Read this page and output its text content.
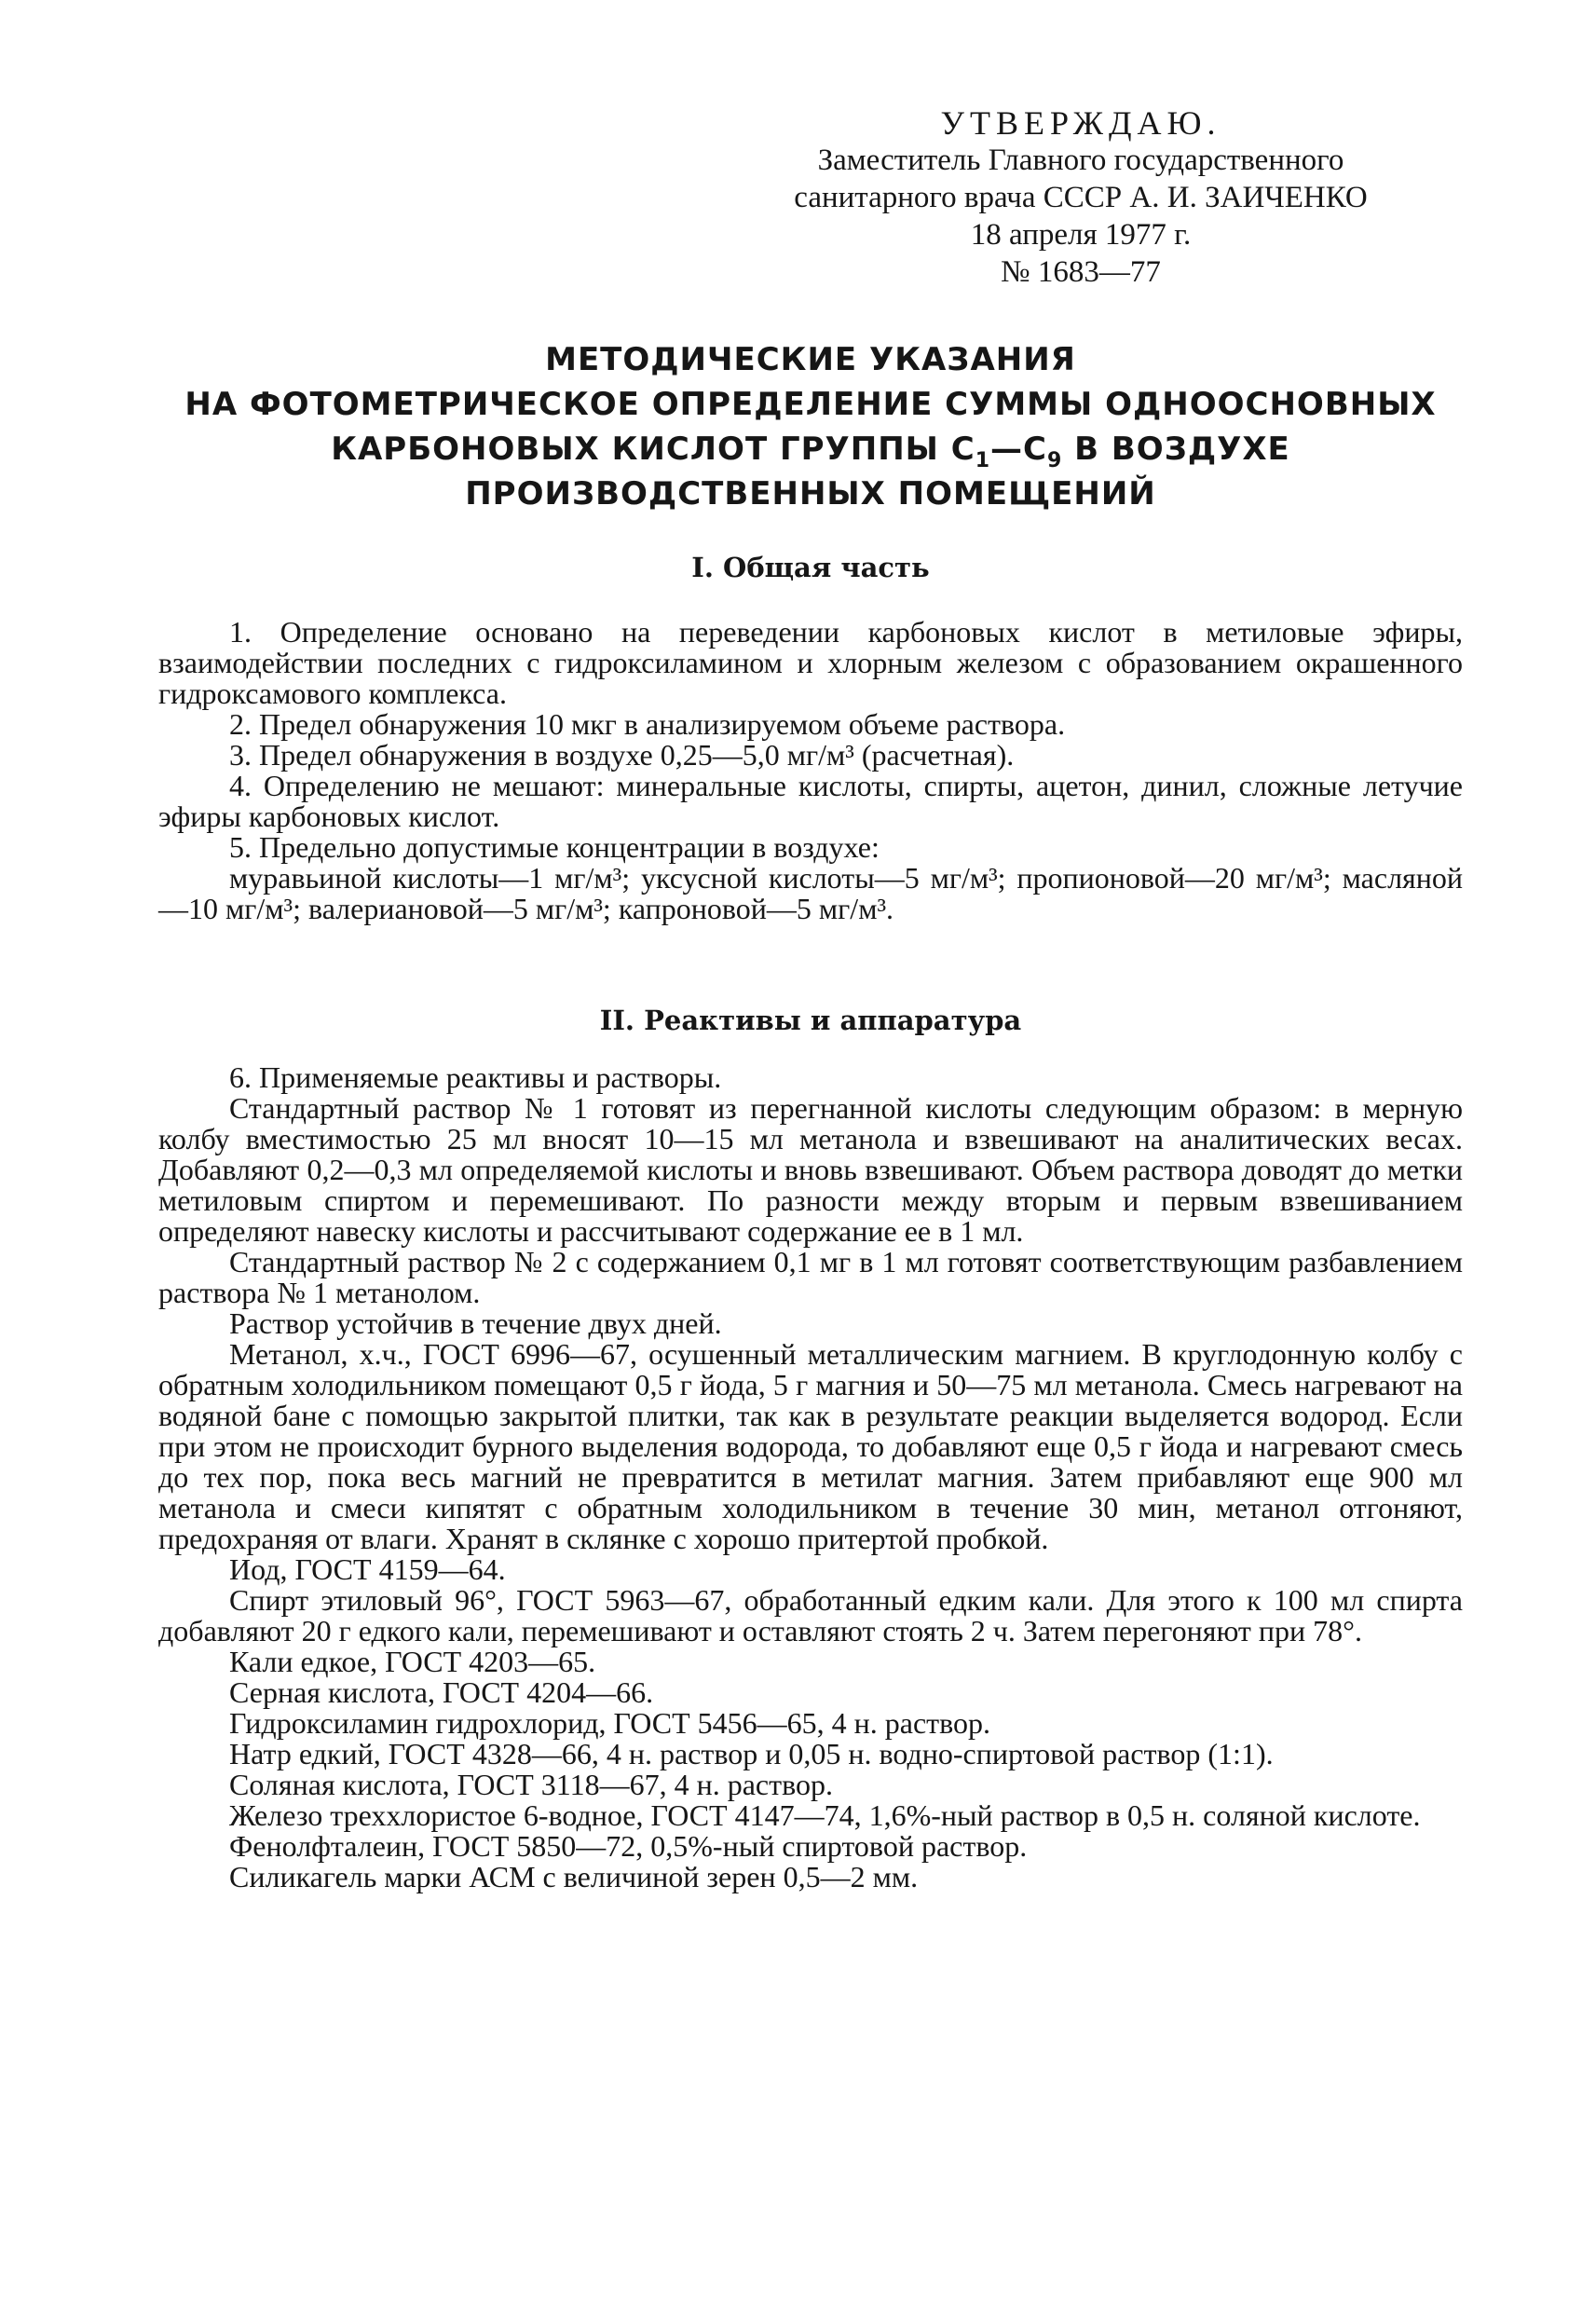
УТВЕРЖДАЮ.
Заместитель Главного государственного
санитарного врача СССР А. И. ЗАИЧЕНКО
18 апреля 1977 г.
№ 1683—77
МЕТОДИЧЕСКИЕ УКАЗАНИЯ
НА ФОТОМЕТРИЧЕСКОЕ ОПРЕДЕЛЕНИЕ СУММЫ ОДНООСНОВНЫХ
КАРБОНОВЫХ КИСЛОТ ГРУППЫ $C_1—C_9$ В ВОЗДУХЕ
ПРОИЗВОДСТВЕННЫХ ПОМЕЩЕНИЙ
I. Общая часть

1. Определение основано на переведении карбоновых кислот в метиловые эфиры, взаимодействии последних с гидроксиламином и хлорным железом с образованием окрашенного гидроксамового комплекса.

2. Предел обнаружения 10 мкг в анализируемом объеме раствора.

3. Предел обнаружения в воздухе 0,25—5,0 мг/м³ (расчетная).

4. Определению не мешают: минеральные кислоты, спирты, ацетон, динил, сложные летучие эфиры карбоновых кислот.

5. Предельно допустимые концентрации в воздухе:

муравьиной кислоты—1 мг/м³; уксусной кислоты—5 мг/м³; пропионовой—20 мг/м³; масляной—10 мг/м³; валериановой—5 мг/м³; капроновой—5 мг/м³.

II. Реактивы и аппаратура

6. Применяемые реактивы и растворы.

Стандартный раствор № 1 готовят из перегнанной кислоты следующим образом: в мерную колбу вместимостью 25 мл вносят 10—15 мл метанола и взвешивают на аналитических весах. Добавляют 0,2—0,3 мл определяемой кислоты и вновь взвешивают. Объем раствора доводят до метки метиловым спиртом и перемешивают. По разности между вторым и первым взвешиванием определяют навеску кислоты и рассчитывают содержание ее в 1 мл.

Стандартный раствор № 2 с содержанием 0,1 мг в 1 мл готовят соответствующим разбавлением раствора № 1 метанолом.

Раствор устойчив в течение двух дней.

Метанол, х.ч., ГОСТ 6996—67, осушенный металлическим магнием. В круглодонную колбу с обратным холодильником помещают 0,5 г йода, 5 г магния и 50—75 мл метанола. Смесь нагревают на водяной бане с помощью закрытой плитки, так как в результате реакции выделяется водород. Если при этом не происходит бурного выделения водорода, то добавляют еще 0,5 г йода и нагревают смесь до тех пор, пока весь магний не превратится в метилат магния. Затем прибавляют еще 900 мл метанола и смеси кипятят с обратным холодильником в течение 30 мин, метанол отгоняют, предохраняя от влаги. Хранят в склянке с хорошо притертой пробкой.

Иод, ГОСТ 4159—64.

Спирт этиловый 96°, ГОСТ 5963—67, обработанный едким кали. Для этого к 100 мл спирта добавляют 20 г едкого кали, перемешивают и оставляют стоять 2 ч. Затем перегоняют при 78°.

Кали едкое, ГОСТ 4203—65.

Серная кислота, ГОСТ 4204—66.

Гидроксиламин гидрохлорид, ГОСТ 5456—65, 4 н. раствор.

Натр едкий, ГОСТ 4328—66, 4 н. раствор и 0,05 н. водно-спиртовой раствор (1:1).

Соляная кислота, ГОСТ 3118—67, 4 н. раствор.

Железо треххлористое 6-водное, ГОСТ 4147—74, 1,6%-ный раствор в 0,5 н. соляной кислоте.

Фенолфталеин, ГОСТ 5850—72, 0,5%-ный спиртовой раствор.

Силикагель марки АСМ с величиной зерен 0,5—2 мм.
